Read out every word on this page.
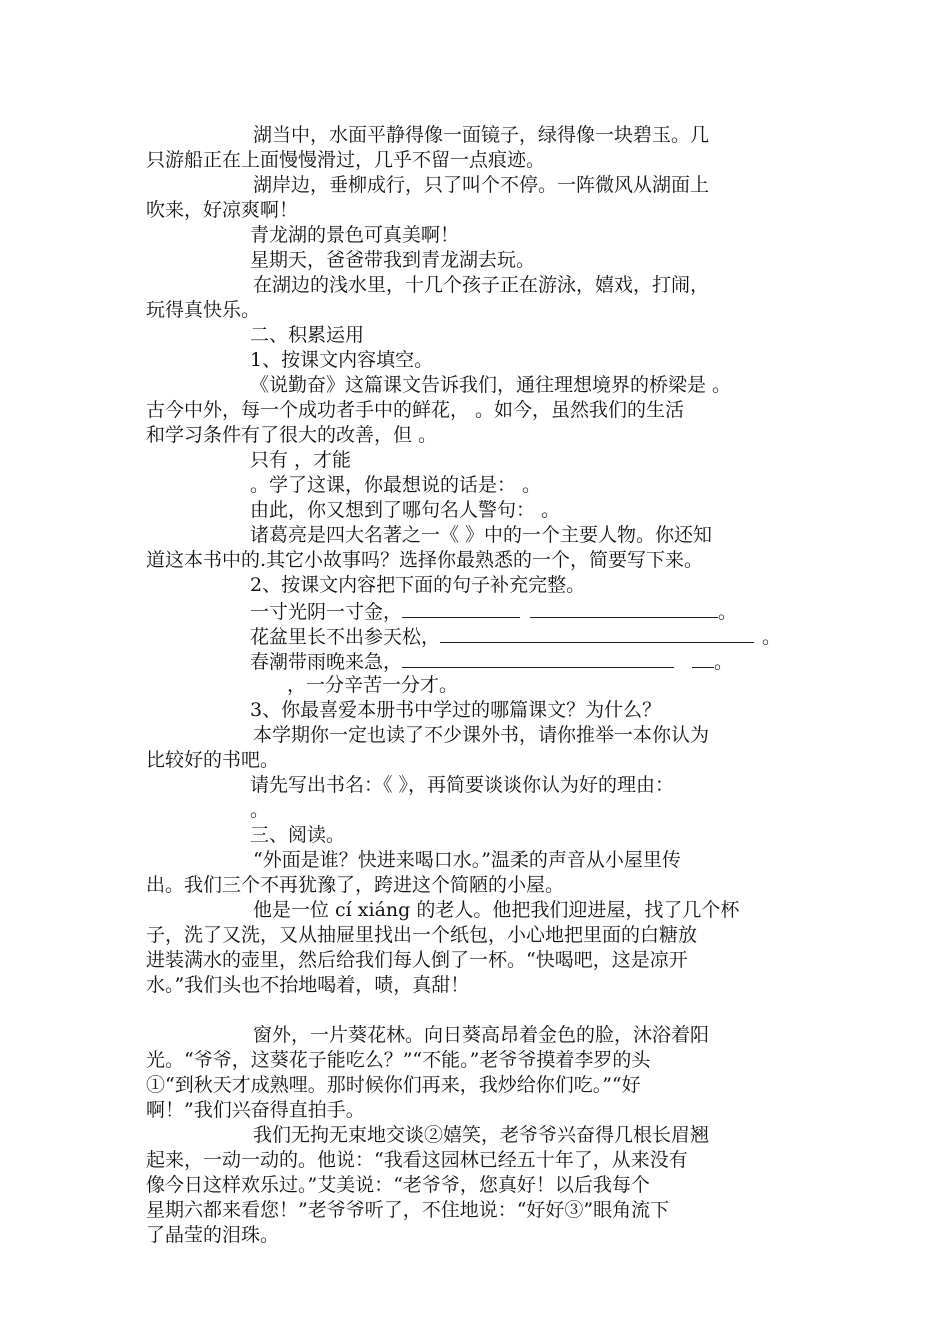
湖当中，水面平静得像一面镜子，绿得像一块碧玉。几
只游船正在上面慢慢滑过，几乎不留一点痕迹。
湖岸边，垂柳成行，只了叫个不停。一阵微风从湖面上
吹来，好凉爽啊！
青龙湖的景色可真美啊！
星期天，爸爸带我到青龙湖去玩。
在湖边的浅水里，十几个孩子正在游泳，嬉戏，打闹，
玩得真快乐。
二、积累运用
1、按课文内容填空。
《说勤奋》这篇课文告诉我们，通往理想境界的桥梁是 。
古今中外，每一个成功者手中的鲜花， 。如今，虽然我们的生活
和学习条件有了很大的改善，但 。
只有 ，才能
。学了这课，你最想说的话是： 。
由此，你又想到了哪句名人警句： 。
诸葛亮是四大名著之一《 》中的一个主要人物。你还知
道这本书中的.其它小故事吗？选择你最熟悉的一个，简要写下来。
2、按课文内容把下面的句子补充完整。
一寸光阴一寸金，	。
花盆里长不出参天松，	。
春潮带雨晚来急，	。
，一分辛苦一分才。
3、你最喜爱本册书中学过的哪篇课文？为什么？
本学期你一定也读了不少课外书，请你推举一本你认为
比较好的书吧。
请先写出书名：《 》，再简要谈谈你认为好的理由：
。
三、阅读。
“外面是谁？快进来喝口水。”温柔的声音从小屋里传
出。我们三个不再犹豫了，跨进这个简陋的小屋。
他是一位 cí xiáng 的老人。他把我们迎进屋，找了几个杯
子，洗了又洗，又从抽屉里找出一个纸包，小心地把里面的白糖放
进装满水的壶里，然后给我们每人倒了一杯。“快喝吧，这是凉开
水。”我们头也不抬地喝着，啧，真甜！
窗外，一片葵花林。向日葵高昂着金色的脸，沐浴着阳
光。“爷爷，这葵花子能吃么？”“不能。”老爷爷摸着李罗的头
①“到秋天才成熟哩。那时候你们再来，我炒给你们吃。”“好
啊！”我们兴奋得直拍手。
我们无拘无束地交谈②嬉笑，老爷爷兴奋得几根长眉翘
起来，一动一动的。他说：“我看这园林已经五十年了，从来没有
像今日这样欢乐过。”艾美说：“老爷爷，您真好！以后我每个
星期六都来看您！”老爷爷听了，不住地说：“好好③”眼角流下
了晶莹的泪珠。
